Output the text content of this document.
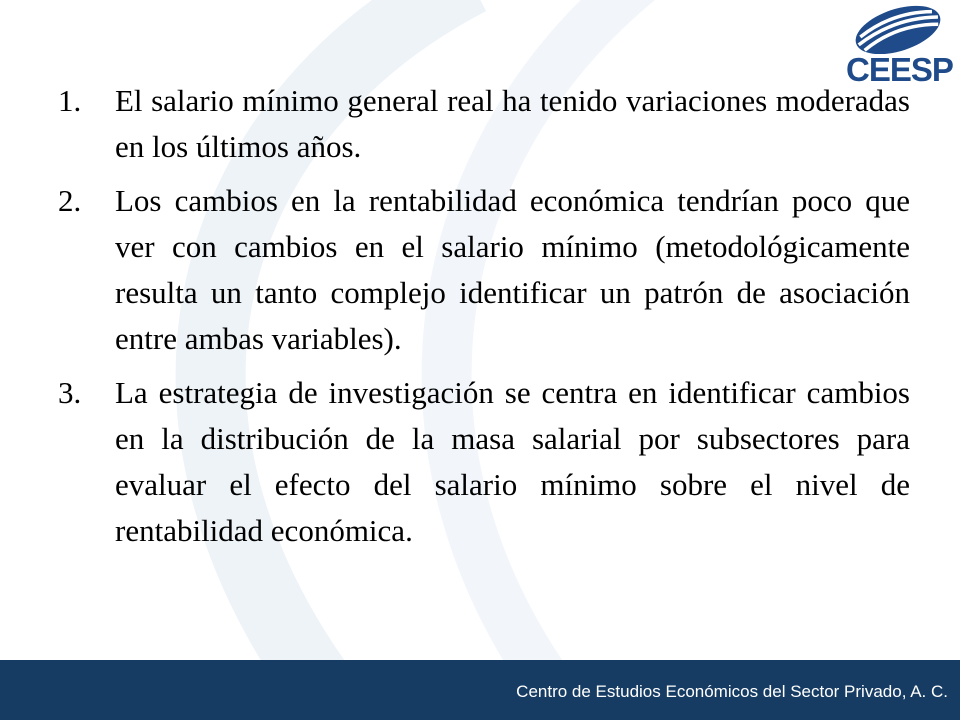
CEESP
1. El salario mínimo general real ha tenido variaciones moderadas en los últimos años.
2. Los cambios en la rentabilidad económica tendrían poco que ver con cambios en el salario mínimo (metodológicamente resulta un tanto complejo identificar un patrón de asociación entre ambas variables).
3. La estrategia de investigación se centra en identificar cambios en la distribución de la masa salarial por subsectores para evaluar el efecto del salario mínimo sobre el nivel de rentabilidad económica.
Centro de Estudios Económicos del Sector Privado, A. C.
